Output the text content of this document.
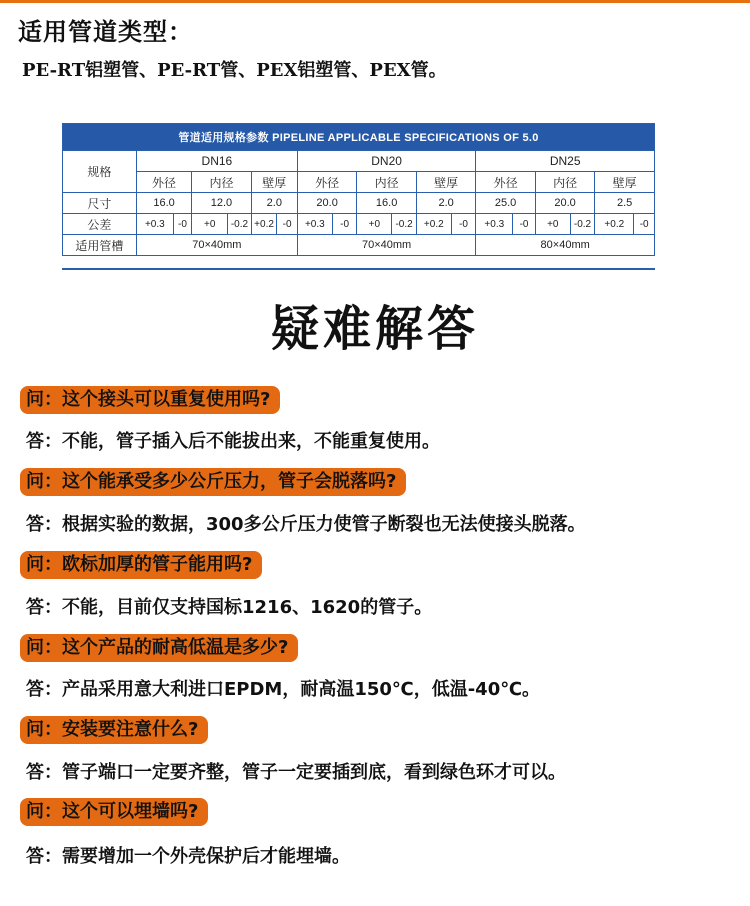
适用管道类型：
PE-RT铝塑管、PE-RT管、PEX铝塑管、PEX管。
管道适用规格参数 PIPELINE APPLICABLE SPECIFICATIONS OF 5.0																		
规格	DN16						DN20						DN25					
	外径		内径		壁厚		外径		内径		壁厚		外径		内径		壁厚	
尺寸	16.0		12.0		2.0		20.0		16.0		2.0		25.0		20.0		2.5	
公差	+0.3	-0	+0	-0.2	+0.2	-0	+0.3	-0	+0	-0.2	+0.2	-0	+0.3	-0	+0	-0.2	+0.2	-0
适用管槽	70×40mm						70×40mm						80×40mm					
疑难解答
问：这个接头可以重复使用吗?
答：不能，管子插入后不能拔出来，不能重复使用。
问：这个能承受多少公斤压力，管子会脱落吗?
答：根据实验的数据，300多公斤压力使管子断裂也无法使接头脱落。
问：欧标加厚的管子能用吗?
答：不能，目前仅支持国标1216、1620的管子。
问：这个产品的耐高低温是多少?
答：产品采用意大利进口EPDM，耐高温150℃，低温-40℃。
问：安装要注意什么?
答：管子端口一定要齐整，管子一定要插到底，看到绿色环才可以。
问：这个可以埋墙吗?
答：需要增加一个外壳保护后才能埋墙。
